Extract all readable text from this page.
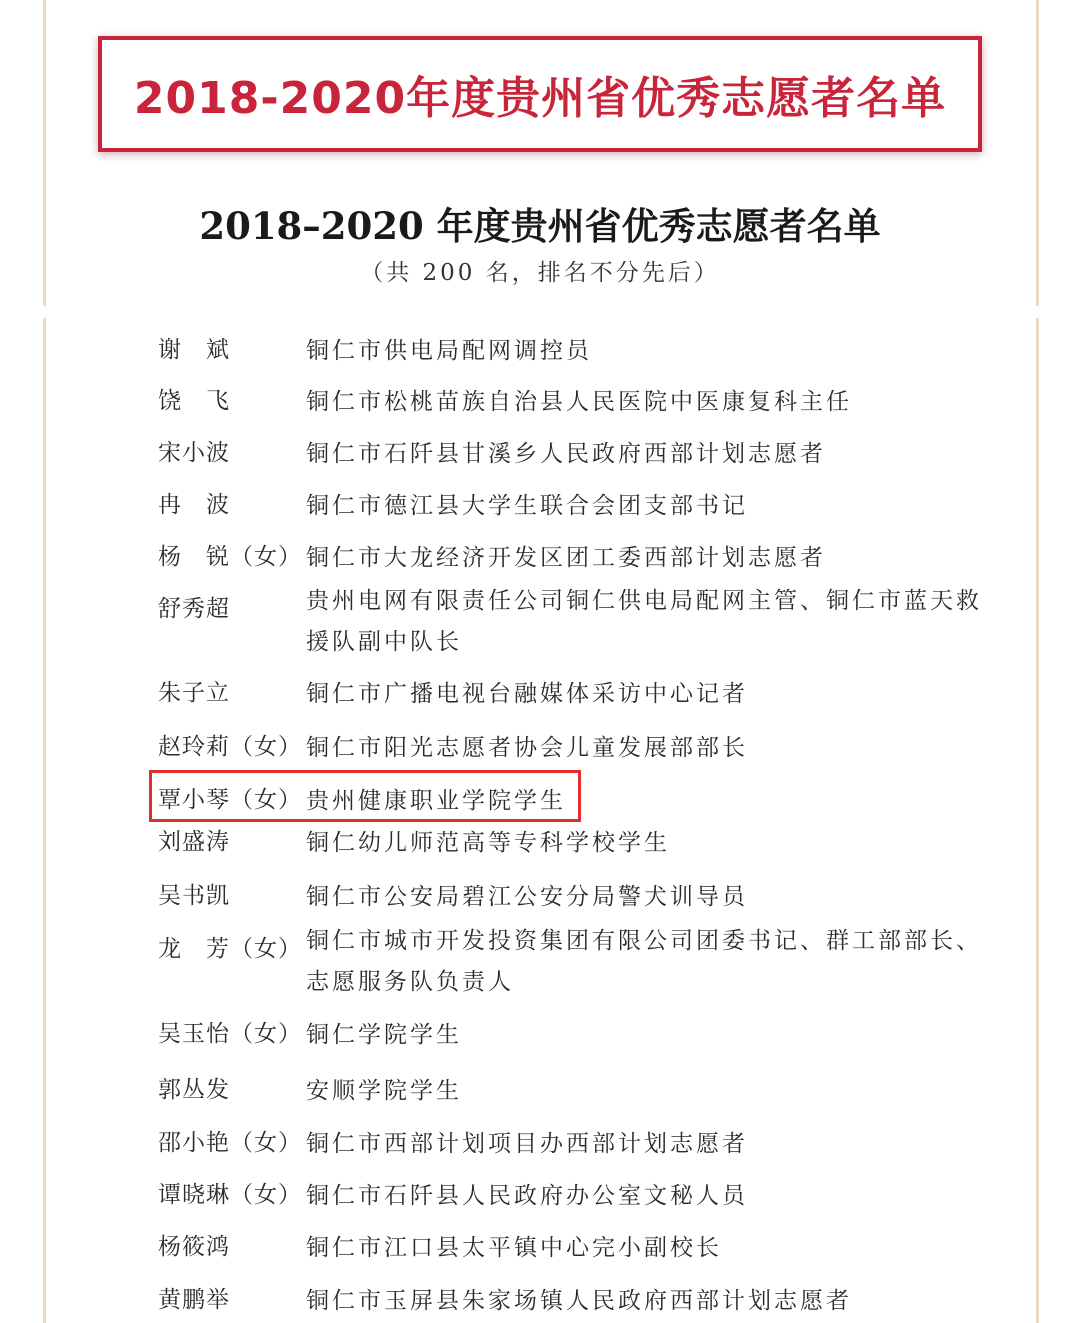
2018-2020年度贵州省优秀志愿者名单
2018–2020 年度贵州省优秀志愿者名单
（共 200 名，排名不分先后）
谢　斌	铜仁市供电局配网调控员
饶　飞	铜仁市松桃苗族自治县人民医院中医康复科主任
宋小波	铜仁市石阡县甘溪乡人民政府西部计划志愿者
冉　波	铜仁市德江县大学生联合会团支部书记
杨　锐（女） 铜仁市大龙经济开发区团工委西部计划志愿者
舒秀超	贵州电网有限责任公司铜仁供电局配网主管、铜仁市蓝天救援队副中队长
朱子立	铜仁市广播电视台融媒体采访中心记者
赵玲莉（女） 铜仁市阳光志愿者协会儿童发展部部长
覃小琴（女） 贵州健康职业学院学生
刘盛涛	铜仁幼儿师范高等专科学校学生
吴书凯	铜仁市公安局碧江公安分局警犬训导员
龙　芳（女） 铜仁市城市开发投资集团有限公司团委书记、群工部部长、志愿服务队负责人
吴玉怡（女） 铜仁学院学生
郭丛发	安顺学院学生
邵小艳（女） 铜仁市西部计划项目办西部计划志愿者
谭晓琳（女） 铜仁市石阡县人民政府办公室文秘人员
杨筱鸿	铜仁市江口县太平镇中心完小副校长
黄鹏举	铜仁市玉屏县朱家场镇人民政府西部计划志愿者
